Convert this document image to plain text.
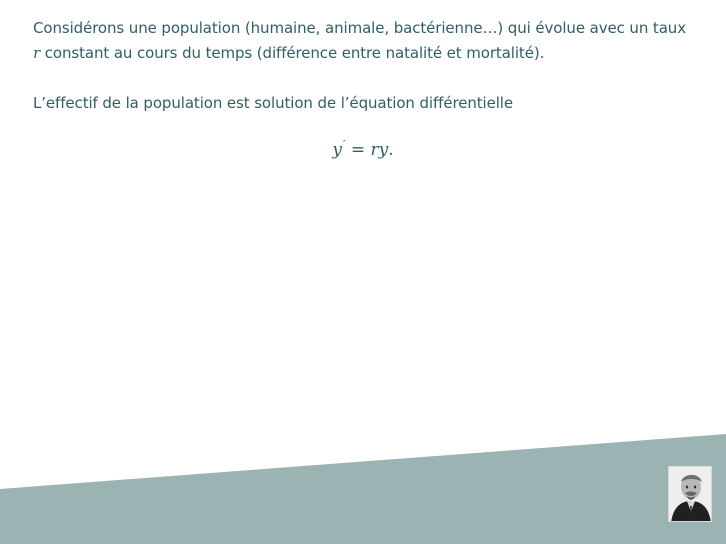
Considérons une population (humaine, animale, bactérienne…) qui évolue avec un taux r constant au cours du temps (différence entre natalité et mortalité).

L’effectif de la population est solution de l’équation différentielle

y′ = ry.
